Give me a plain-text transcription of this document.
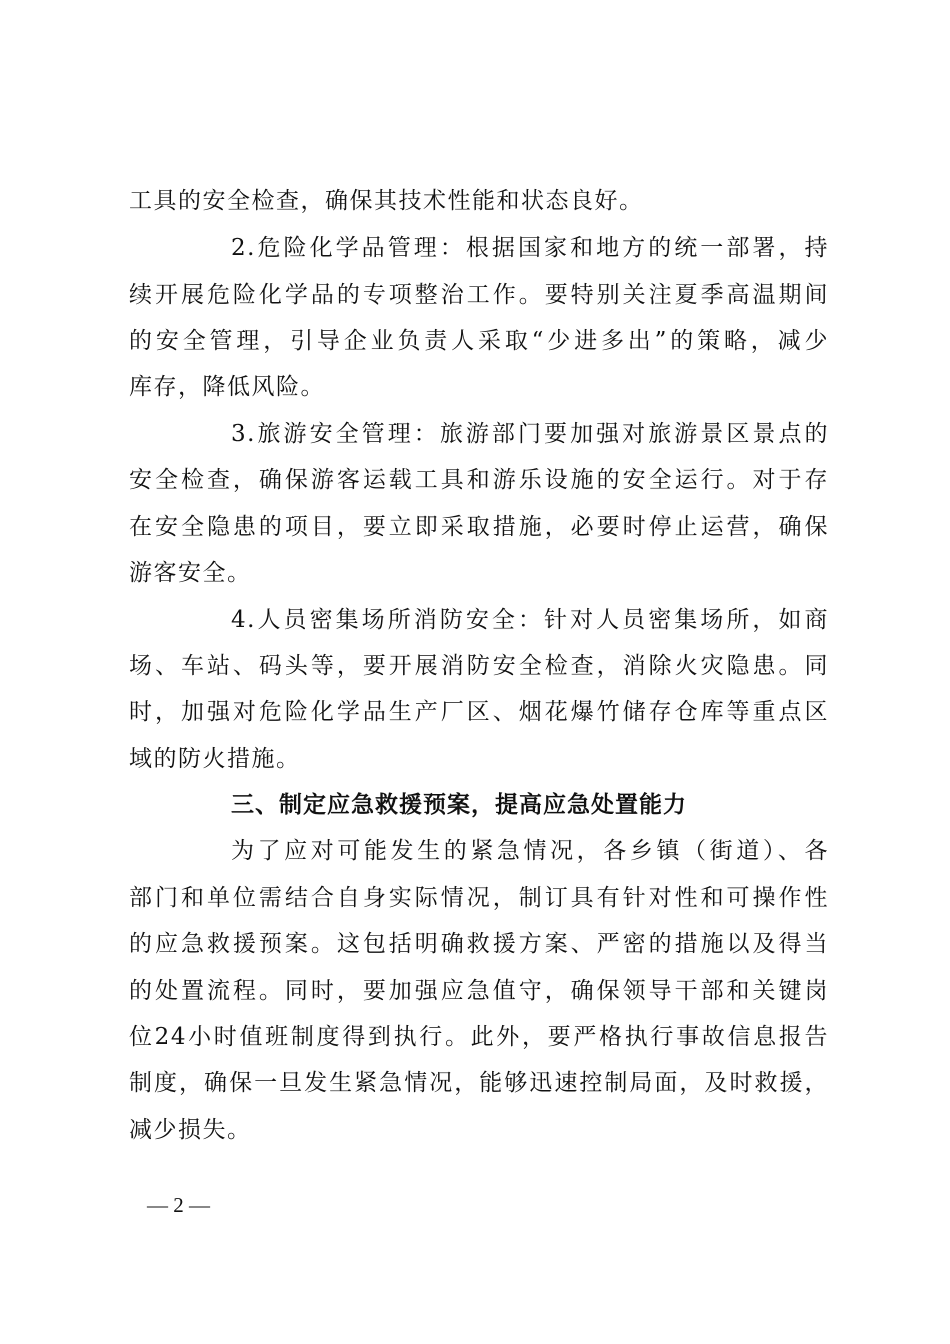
工具的安全检查，确保其技术性能和状态良好。
2.危险化学品管理：根据国家和地方的统一部署，持
续开展危险化学品的专项整治工作。要特别关注夏季高温期间
的安全管理，引导企业负责人采取“少进多出”的策略，减少
库存，降低风险。
3.旅游安全管理：旅游部门要加强对旅游景区景点的
安全检查，确保游客运载工具和游乐设施的安全运行。对于存
在安全隐患的项目，要立即采取措施，必要时停止运营，确保
游客安全。
4.人员密集场所消防安全：针对人员密集场所，如商
场、车站、码头等，要开展消防安全检查，消除火灾隐患。同
时，加强对危险化学品生产厂区、烟花爆竹储存仓库等重点区
域的防火措施。
三、制定应急救援预案，提高应急处置能力
为了应对可能发生的紧急情况，各乡镇（街道）、各
部门和单位需结合自身实际情况，制订具有针对性和可操作性
的应急救援预案。这包括明确救援方案、严密的措施以及得当
的处置流程。同时，要加强应急值守，确保领导干部和关键岗
位24小时值班制度得到执行。此外，要严格执行事故信息报告
制度，确保一旦发生紧急情况，能够迅速控制局面，及时救援，
减少损失。
— 2 —
